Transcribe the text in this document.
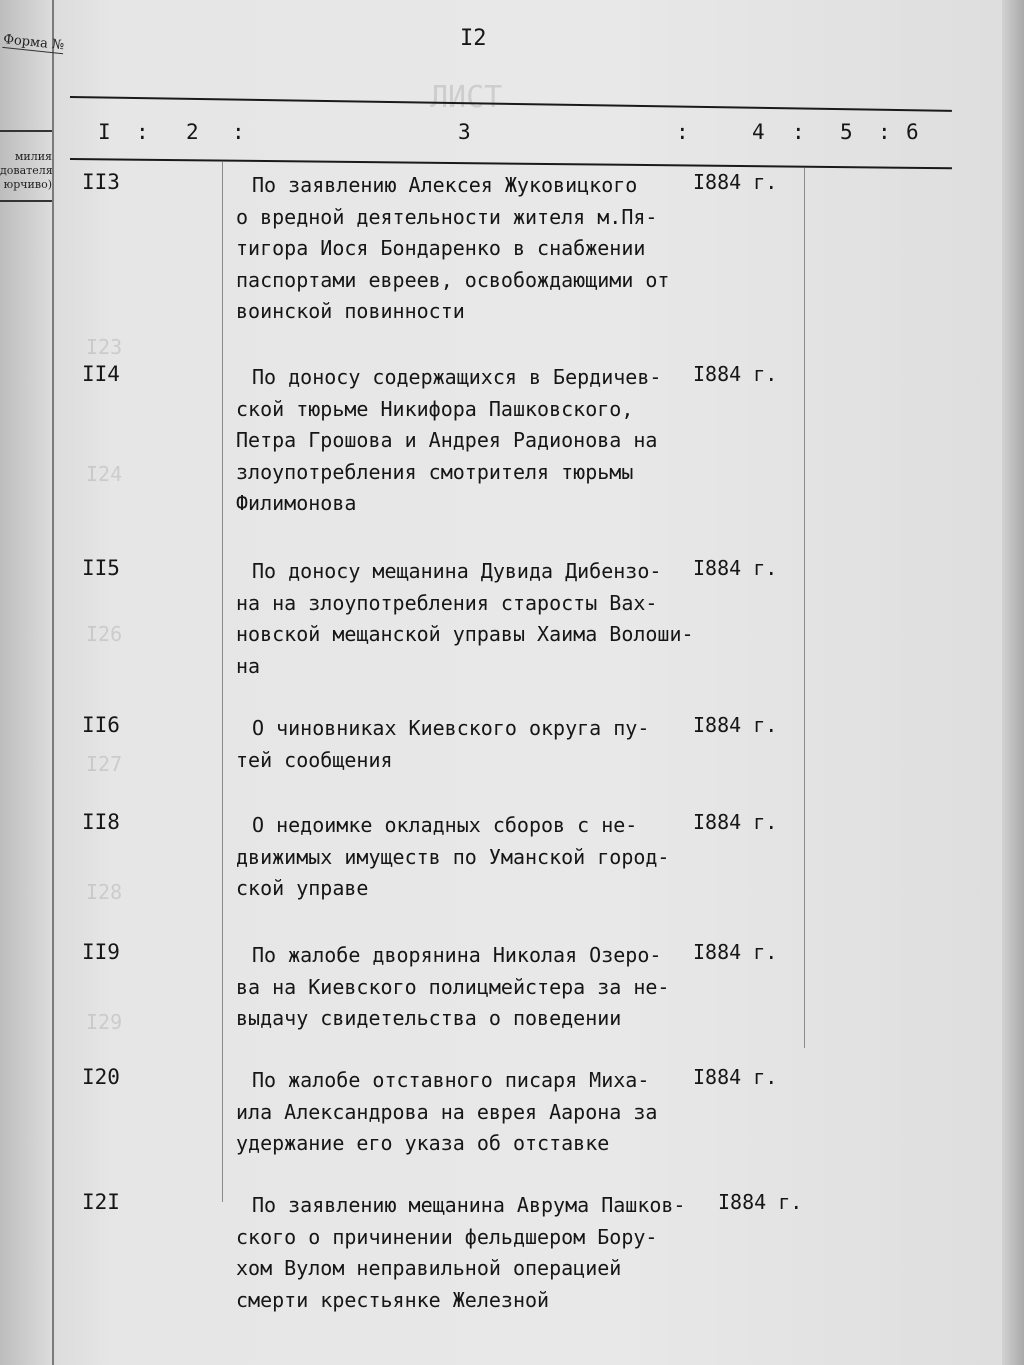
Форма №
милия
дователя
юрчиво)
I2
I : 2 :	3	:	4 : 5 : 6
II3	I884 г.
По заявлению Алексея Жуковицкого
о вредной деятельности жителя м.Пя-
тигора Иося Бондаренко в снабжении
паспортами евреев, освобождающими от
воинской повинности
II4	I884 г.
По доносу содержащихся в Бердичев-
ской тюрьме Никифора Пашковского,
Петра Грошова и Андрея Радионова на
злоупотребления смотрителя тюрьмы
Филимонова
II5	I884 г.
По доносу мещанина Дувида Дибензо-
на на злоупотребления старосты Вах-
новской мещанской управы Хаима Волоши-
на
II6	I884 г.
О чиновниках Киевского округа пу-
тей сообщения
II8	I884 г.
О недоимке окладных сборов с не-
движимых имуществ по Уманской город-
ской управе
II9	I884 г.
По жалобе дворянина Николая Озеро-
ва на Киевского полицмейстера за не-
выдачу свидетельства о поведении
I20	I884 г.
По жалобе отставного писаря Миха-
ила Александрова на еврея Аарона за
удержание его указа об отставке
I2I	I884 г.
По заявлению мещанина Аврума Пашков-
ского о причинении фельдшером Бору-
хом Вулом неправильной операцией
смерти крестьянке Железной
